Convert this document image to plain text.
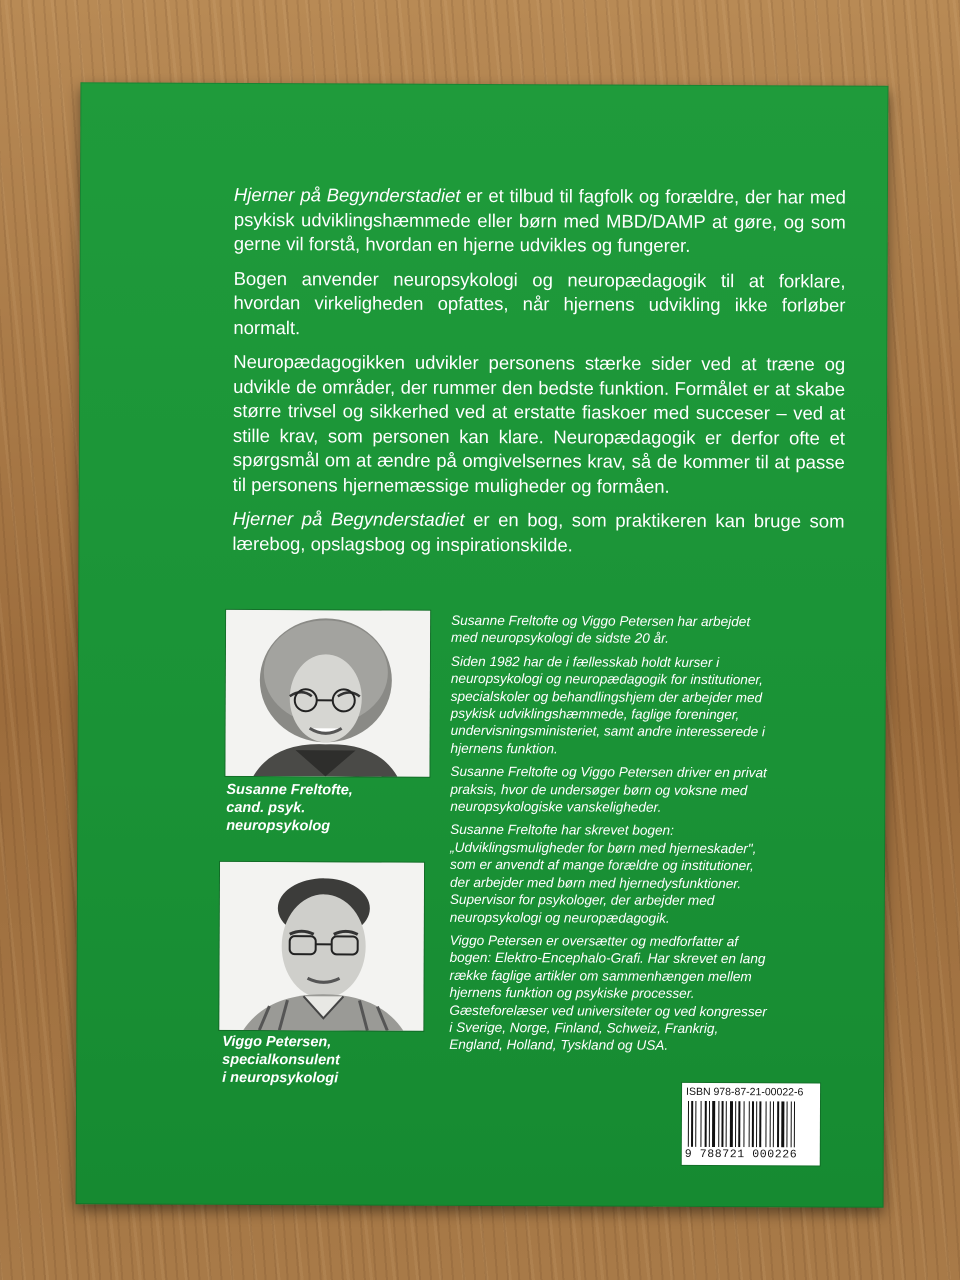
Hjerner på Begynderstadiet er et tilbud til fagfolk og forældre, der har med psykisk udviklingshæmmede eller børn med MBD/DAMP at gøre, og som gerne vil forstå, hvordan en hjerne udvikles og fungerer.

Bogen anvender neuropsykologi og neuropædagogik til at forklare, hvordan virkeligheden opfattes, når hjernens udvikling ikke forløber normalt.

Neuropædagogikken udvikler personens stærke sider ved at træne og udvikle de områder, der rummer den bedste funktion. Formålet er at skabe større trivsel og sikkerhed ved at erstatte fiaskoer med succeser – ved at stille krav, som personen kan klare. Neuropædagogik er derfor ofte et spørgsmål om at ændre på omgivelsernes krav, så de kommer til at passe til personens hjernemæssige muligheder og formåen.

Hjerner på Begynderstadiet er en bog, som praktikeren kan bruge som lærebog, opslagsbog og inspirationskilde.

Susanne Freltofte,
cand. psyk.
neuropsykolog
Viggo Petersen,
specialkonsulent
i neuropsykologi

Susanne Freltofte og Viggo Petersen har arbejdet med neuropsykologi de sidste 20 år.

Siden 1982 har de i fællesskab holdt kurser i neuropsykologi og neuropædagogik for institutioner, specialskoler og behandlingshjem der arbejder med psykisk udviklingshæmmede, faglige foreninger, undervisningsministeriet, samt andre interesserede i hjernens funktion.

Susanne Freltofte og Viggo Petersen driver en privat praksis, hvor de undersøger børn og voksne med neuropsykologiske vanskeligheder.

Susanne Freltofte har skrevet bogen: „Udviklingsmuligheder for børn med hjerneskader", som er anvendt af mange forældre og institutioner, der arbejder med børn med hjernedysfunktioner. Supervisor for psykologer, der arbejder med neuropsykologi og neuropædagogik.

Viggo Petersen er oversætter og medforfatter af bogen: Elektro-Encephalo-Grafi. Har skrevet en lang række faglige artikler om sammenhængen mellem hjernens funktion og psykiske processer. Gæsteforelæser ved universiteter og ved kongresser i Sverige, Norge, Finland, Schweiz, Frankrig, England, Holland, Tyskland og USA.

ISBN 978-87-21-00022-6
9 788721 000226
